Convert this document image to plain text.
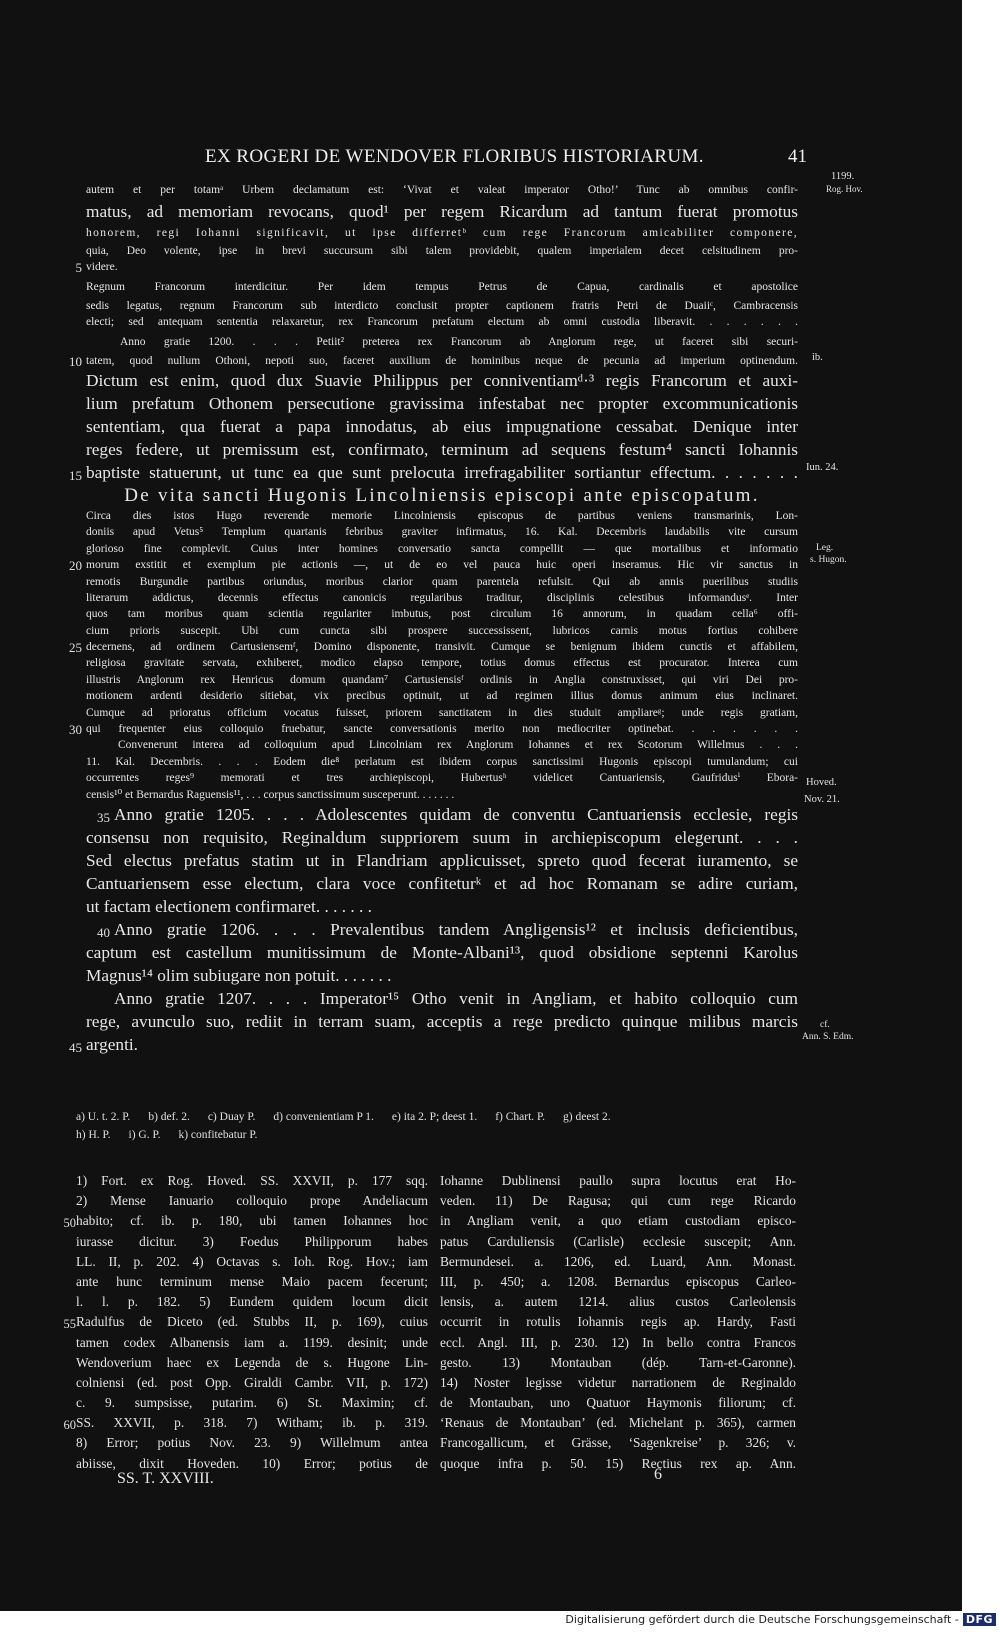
EX ROGERI DE WENDOVER FLORIBUS HISTORIARUM.	41
1199.
Rog. Hov.
ib.
Iun. 24.
Leg.
s. Hugon.
Hoved.
Nov. 21.
cf.
Ann. S. Edm.
autem et per totamᵃ Urbem declamatum est: ‘Vivat et valeat imperator Otho!’ Tunc ab omnibus confir-
matus, ad memoriam revocans, quod¹ per regem Ricardum ad tantum fuerat promotus
honorem, regi Iohanni significavit, ut ipse differretᵇ cum rege Francorum amicabiliter componere,
quia, Deo volente, ipse in brevi succursum sibi talem providebit, qualem imperialem decet celsitudinem pro-
5 videre.
Regnum Francorum interdicitur. Per idem tempus Petrus de Capua, cardinalis et apostolice
sedis legatus, regnum Francorum sub interdicto conclusit propter captionem fratris Petri de Duaiiᶜ, Cambracensis
electi; sed antequam sententia relaxaretur, rex Francorum prefatum electum ab omni custodia liberavit. . . . . . .
Anno gratie 1200. . . . Petiit² preterea rex Francorum ab Anglorum rege, ut faceret sibi securi-
10 tatem, quod nullum Othoni, nepoti suo, faceret auxilium de hominibus neque de pecunia ad imperium optinendum.
Dictum est enim, quod dux Suavie Philippus per conniventiamᵈ·³ regis Francorum et auxi-
lium prefatum Othonem persecutione gravissima infestabat nec propter excommunicationis
sententiam, qua fuerat a papa innodatus, ab eius impugnatione cessabat. Denique inter
reges federe, ut premissum est, confirmato, terminum ad sequens festum⁴ sancti Iohannis
15 baptiste statuerunt, ut tunc ea que sunt prelocuta irrefragabiliter sortiantur effectum. . . . . . .
De vita sancti Hugonis Lincolniensis episcopi ante episcopatum.
Circa dies istos Hugo reverende memorie Lincolniensis episcopus de partibus veniens transmarinis, Lon-
doniis apud Vetus⁵ Templum quartanis febribus graviter infirmatus, 16. Kal. Decembris laudabilis vite cursum
glorioso fine complevit. Cuius inter homines conversatio sancta compellit — que mortalibus et informatio
20 morum exstitit et exemplum pie actionis —, ut de eo vel pauca huic operi inseramus. Hic vir sanctus in
remotis Burgundie partibus oriundus, moribus clarior quam parentela refulsit. Qui ab annis puerilibus studiis
literarum addictus, decennis effectus canonicis regularibus traditur, disciplinis celestibus informandusᵉ. Inter
quos tam moribus quam scientia regulariter imbutus, post circulum 16 annorum, in quadam cella⁶ offi-
cium prioris suscepit. Ubi cum cuncta sibi prospere successissent, lubricos carnis motus fortius cohibere
25 decernens, ad ordinem Cartusiensemᶠ, Domino disponente, transivit. Cumque se benignum ibidem cunctis et affabilem,
religiosa gravitate servata, exhiberet, modico elapso tempore, totius domus effectus est procurator. Interea cum
illustris Anglorum rex Henricus domum quandam⁷ Cartusiensisᶠ ordinis in Anglia construxisset, qui viri Dei pro-
motionem ardenti desiderio sitiebat, vix precibus optinuit, ut ad regimen illius domus animum eius inclinaret.
Cumque ad prioratus officium vocatus fuisset, priorem sanctitatem in dies studuit ampliareᵍ; unde regis gratiam,
30 qui frequenter eius colloquio fruebatur, sancte conversationis merito non mediocriter optinebat. . . . . . .
Convenerunt interea ad colloquium apud Lincolniam rex Anglorum Iohannes et rex Scotorum Willelmus . . .
11. Kal. Decembris. . . . Eodem die⁸ perlatum est ibidem corpus sanctissimi Hugonis episcopi tumulandum; cui
occurrentes reges⁹ memorati et tres archiepiscopi, Hubertusʰ videlicet Cantuariensis, Gaufridusⁱ Ebora-
censis¹⁰ et Bernardus Raguensis¹¹, . . . corpus sanctissimum susceperunt. . . . . . .
35 Anno gratie 1205. . . . Adolescentes quidam de conventu Cantuariensis ecclesie, regis
consensu non requisito, Reginaldum suppriorem suum in archiepiscopum elegerunt. . . .
Sed electus prefatus statim ut in Flandriam applicuisset, spreto quod fecerat iuramento, se
Cantuariensem esse electum, clara voce confiteturᵏ et ad hoc Romanam se adire curiam,
ut factam electionem confirmaret. . . . . . .
40 Anno gratie 1206. . . . Prevalentibus tandem Angligensis¹² et inclusis deficientibus,
captum est castellum munitissimum de Monte-Albani¹³, quod obsidione septenni Karolus
Magnus¹⁴ olim subiugare non potuit. . . . . . .
Anno gratie 1207. . . . Imperator¹⁵ Otho venit in Angliam, et habito colloquio cum
rege, avunculo suo, rediit in terram suam, acceptis a rege predicto quinque milibus marcis
45 argenti.
a) U. t. 2. P. b) def. 2. c) Duay P. d) convenientiam P 1. e) ita 2. P; deest 1. f) Chart. P. g) deest 2.
h) H. P. i) G. P. k) confitebatur P.
1) Fort. ex Rog. Hoved. SS. XXVII, p. 177 sqq.
2) Mense Ianuario colloquio prope Andeliacum
50 habito; cf. ib. p. 180, ubi tamen Iohannes hoc
iurasse dicitur. 3) Foedus Philipporum habes
LL. II, p. 202. 4) Octavas s. Ioh. Rog. Hov.; iam
ante hunc terminum mense Maio pacem fecerunt;
l. l. p. 182. 5) Eundem quidem locum dicit
55 Radulfus de Diceto (ed. Stubbs II, p. 169), cuius
tamen codex Albanensis iam a. 1199. desinit; unde
Wendoverium haec ex Legenda de s. Hugone Lin-
colniensi (ed. post Opp. Giraldi Cambr. VII, p. 172)
c. 9. sumpsisse, putarim. 6) St. Maximin; cf.
60 SS. XXVII, p. 318. 7) Witham; ib. p. 319.
8) Error; potius Nov. 23. 9) Willelmum antea
abiisse, dixit Hoveden. 10) Error; potius de
Iohanne Dublinensi paullo supra locutus erat Ho-
veden. 11) De Ragusa; qui cum rege Ricardo
in Angliam venit, a quo etiam custodiam episco-
patus Carduliensis (Carlisle) ecclesie suscepit; Ann.
Bermundesei. a. 1206, ed. Luard, Ann. Monast.
III, p. 450; a. 1208. Bernardus episcopus Carleo-
lensis, a. autem 1214. alius custos Carleolensis
occurrit in rotulis Iohannis regis ap. Hardy, Fasti
eccl. Angl. III, p. 230. 12) In bello contra Francos
gesto. 13) Montauban (dép. Tarn-et-Garonne).
14) Noster legisse videtur narrationem de Reginaldo
de Montauban, uno Quatuor Haymonis filiorum; cf.
‘Renaus de Montauban’ (ed. Michelant p. 365), carmen
Francogallicum, et Grässe, ‘Sagenkreise’ p. 326; v.
quoque infra p. 50. 15) Rectius rex ap. Ann.
SS. T. XXVIII.	6
Digitalisierung gefördert durch die Deutsche Forschungsgemeinschaft - DFG
